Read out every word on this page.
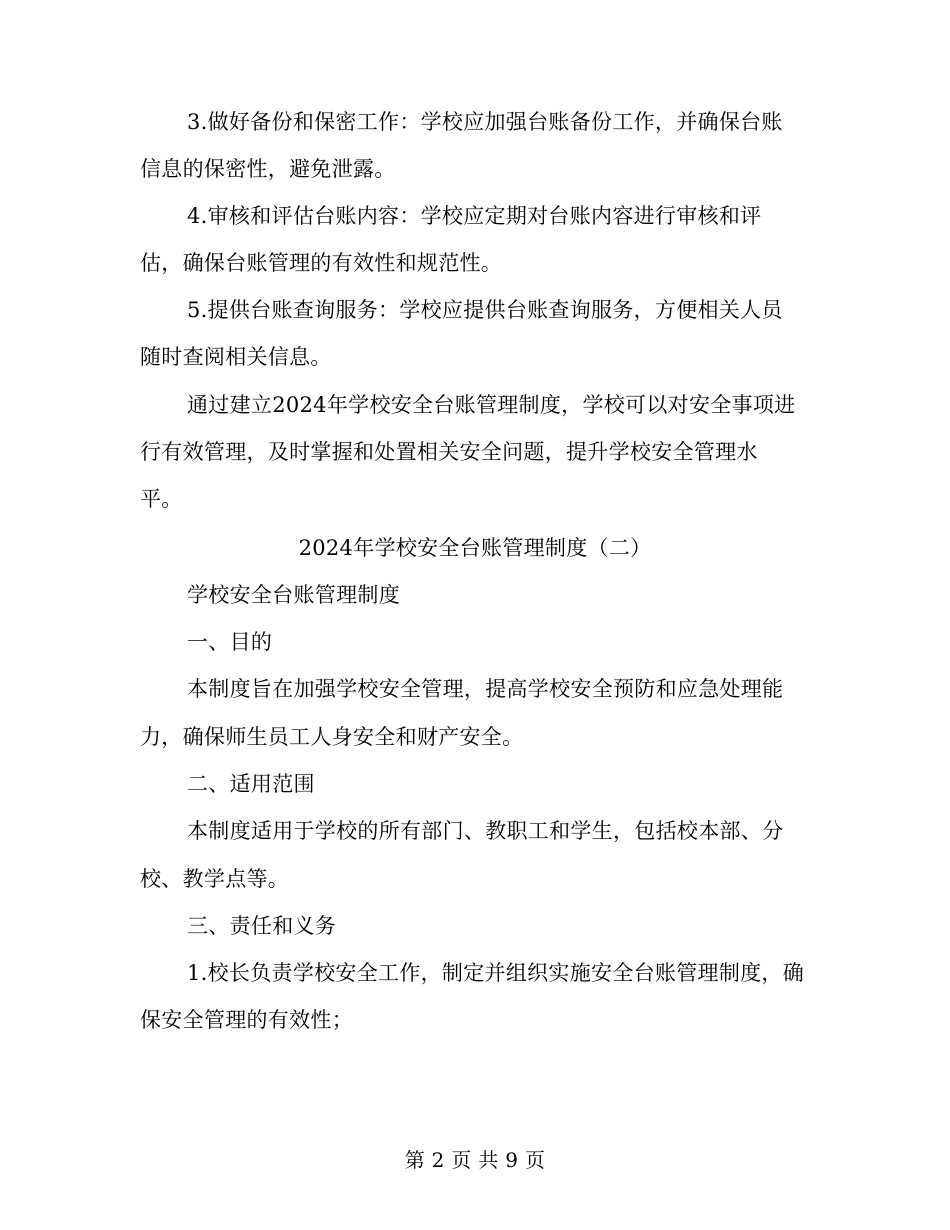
3.做好备份和保密工作：学校应加强台账备份工作，并确保台账
信息的保密性，避免泄露。
4.审核和评估台账内容：学校应定期对台账内容进行审核和评
估，确保台账管理的有效性和规范性。
5.提供台账查询服务：学校应提供台账查询服务，方便相关人员
随时查阅相关信息。
通过建立2024年学校安全台账管理制度，学校可以对安全事项进
行有效管理，及时掌握和处置相关安全问题，提升学校安全管理水
平。
2024年学校安全台账管理制度（二）
学校安全台账管理制度
一、目的
本制度旨在加强学校安全管理，提高学校安全预防和应急处理能
力，确保师生员工人身安全和财产安全。
二、适用范围
本制度适用于学校的所有部门、教职工和学生，包括校本部、分
校、教学点等。
三、责任和义务
1.校长负责学校安全工作，制定并组织实施安全台账管理制度，确
保安全管理的有效性；
第 2 页 共 9 页
